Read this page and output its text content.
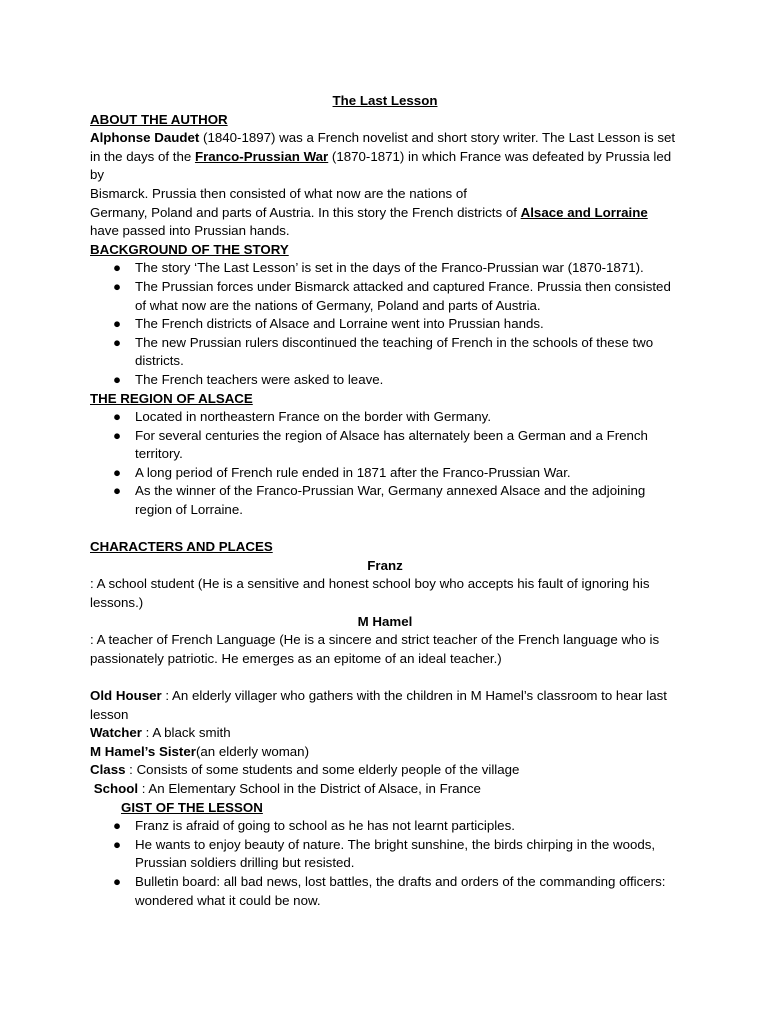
The Last Lesson

ABOUT THE AUTHOR

Alphonse Daudet (1840-1897) was a French novelist and short story writer. The Last Lesson is set in the days of the Franco-Prussian War (1870-1871) in which France was defeated by Prussia led by

Bismarck. Prussia then consisted of what now are the nations of

Germany, Poland and parts of Austria. In this story the French districts of Alsace and Lorraine have passed into Prussian hands.

BACKGROUND OF THE STORY

● The story ‘The Last Lesson’ is set in the days of the Franco-Prussian war (1870-1871).
● The Prussian forces under Bismarck attacked and captured France. Prussia then consisted of what now are the nations of Germany, Poland and parts of Austria.
● The French districts of Alsace and Lorraine went into Prussian hands.
● The new Prussian rulers discontinued the teaching of French in the schools of these two districts.
● The French teachers were asked to leave.

THE REGION OF ALSACE

● Located in northeastern France on the border with Germany.
● For several centuries the region of Alsace has alternately been a German and a French territory.
● A long period of French rule ended in 1871 after the Franco-Prussian War.
● As the winner of the Franco-Prussian War, Germany annexed Alsace and the adjoining region of Lorraine.

CHARACTERS AND PLACES

Franz

: A school student (He is a sensitive and honest school boy who accepts his fault of ignoring his lessons.)

M Hamel

: A teacher of French Language (He is a sincere and strict teacher of the French language who is passionately patriotic. He emerges as an epitome of an ideal teacher.)

Old Houser : An elderly villager who gathers with the children in M Hamel’s classroom to hear last lesson

Watcher : A black smith

M Hamel’s Sister(an elderly woman)

Class : Consists of some students and some elderly people of the village

School : An Elementary School in the District of Alsace, in France

GIST OF THE LESSON

● Franz is afraid of going to school as he has not learnt participles.
● He wants to enjoy beauty of nature. The bright sunshine, the birds chirping in the woods, Prussian soldiers drilling but resisted.
● Bulletin board: all bad news, lost battles, the drafts and orders of the commanding officers: wondered what it could be now.
